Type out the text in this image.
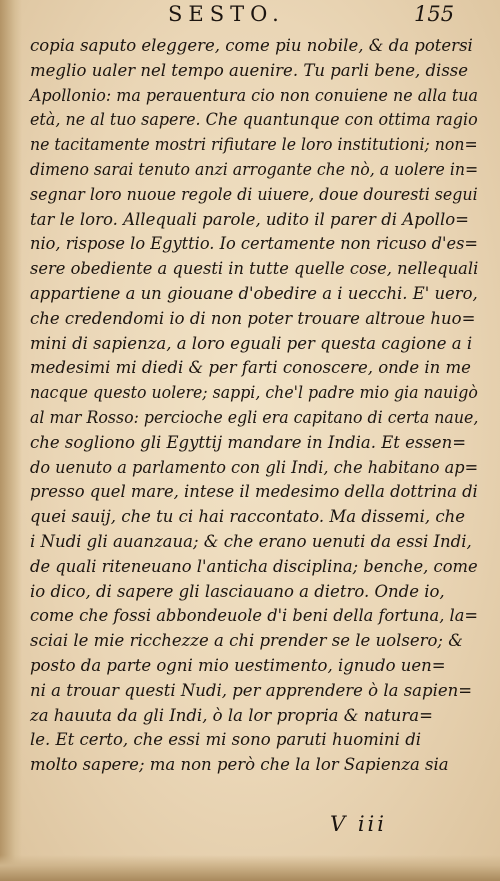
SESTO.	155
copia saputo eleggere, come piu nobile, & da potersi
meglio ualer nel tempo auenire. Tu parli bene, disse
Apollonio: ma perauentura cio non conuiene ne alla tua
età, ne al tuo sapere. Che quantunque con ottima ragio
ne tacitamente mostri rifiutare le loro institutioni; non=
dimeno sarai tenuto anzi arrogante che nò, a uolere in=
segnar loro nuoue regole di uiuere, doue douresti segui
tar le loro. Allequali parole, udito il parer di Apollo=
nio, rispose lo Egyttio. Io certamente non ricuso d'es=
sere obediente a questi in tutte quelle cose, nellequali
appartiene a un giouane d'obedire a i uecchi. E' uero,
che credendomi io di non poter trouare altroue huo=
mini di sapienza, a loro eguali per questa cagione a i
medesimi mi diedi & per farti conoscere, onde in me
nacque questo uolere; sappi, che'l padre mio gia nauigò
al mar Rosso: percioche egli era capitano di certa naue,
che sogliono gli Egyttij mandare in India. Et essen=
do uenuto a parlamento con gli Indi, che habitano ap=
presso quel mare, intese il medesimo della dottrina di
quei sauij, che tu ci hai raccontato. Ma dissemi, che
i Nudi gli auanzaua; & che erano uenuti da essi Indi,
de quali riteneuano l'anticha disciplina; benche, come
io dico, di sapere gli lasciauano a dietro. Onde io,
come che fossi abbondeuole d'i beni della fortuna, la=
sciai le mie ricchezze a chi prender se le uolsero; &
posto da parte ogni mio uestimento, ignudo uen=
ni a trouar questi Nudi, per apprendere ò la sapien=
za hauuta da gli Indi, ò la lor propria & natura=
le. Et certo, che essi mi sono paruti huomini di
molto sapere; ma non però che la lor Sapienza sia
V iii
